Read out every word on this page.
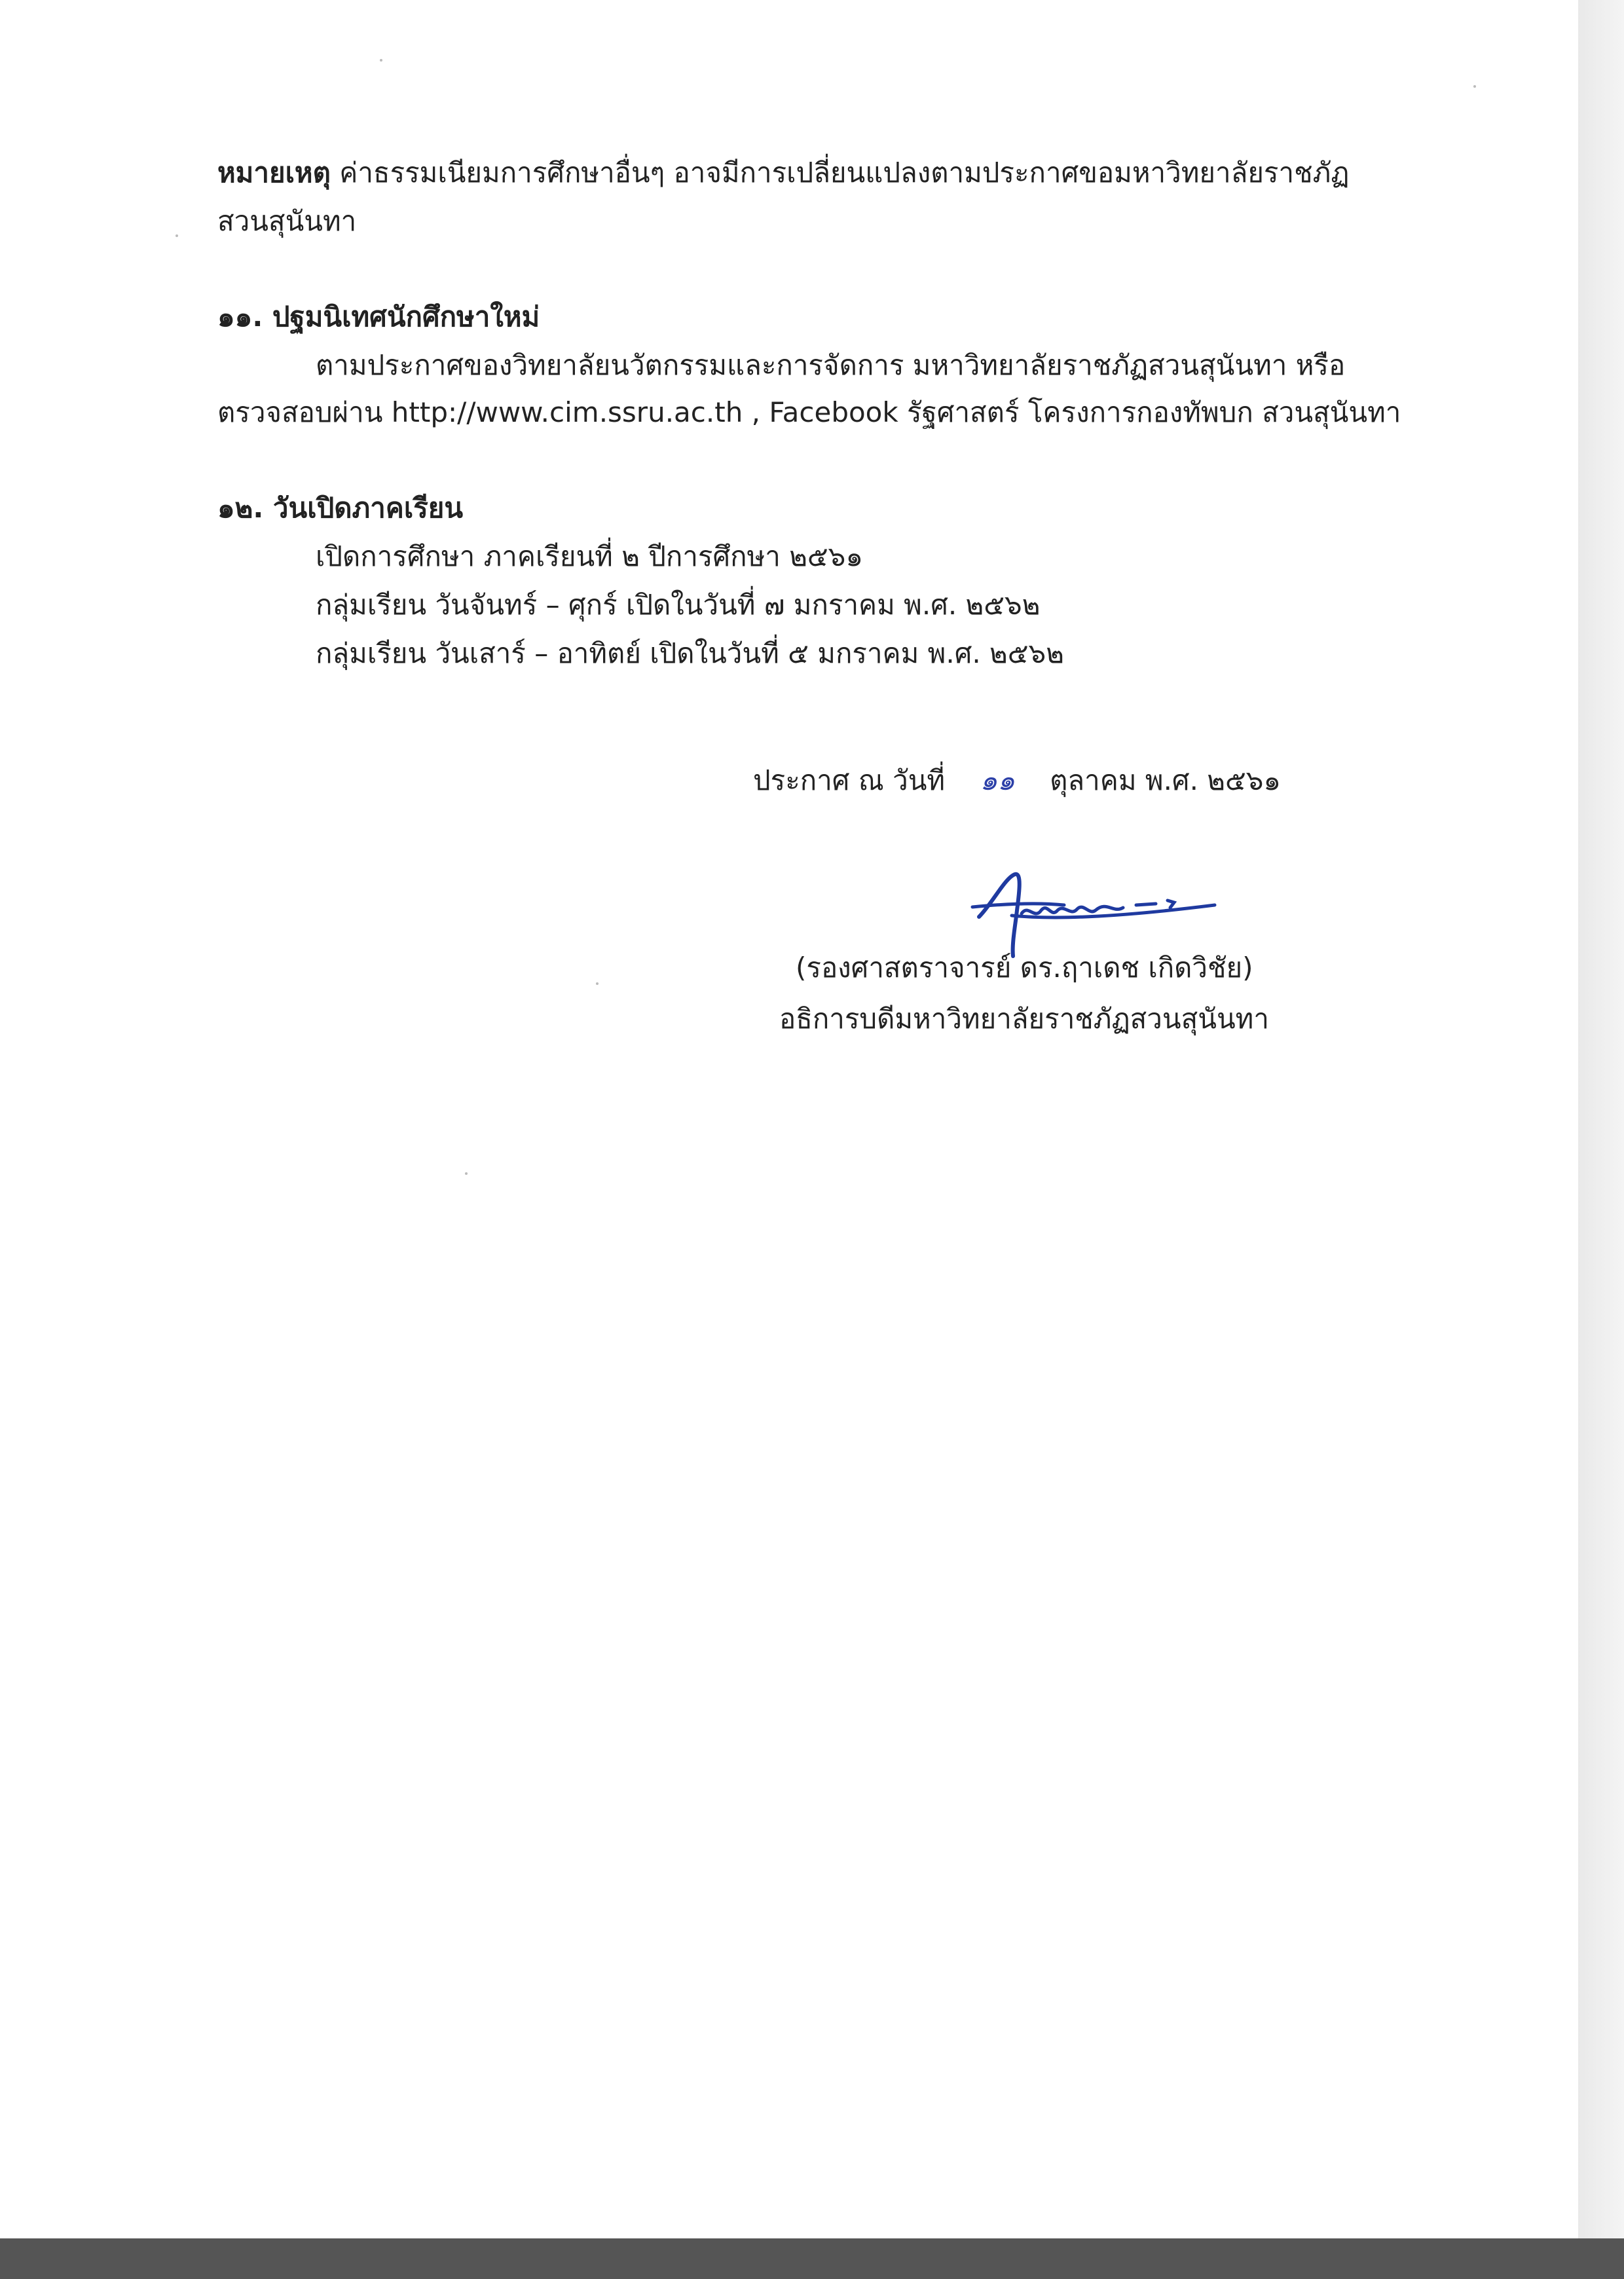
หมายเหตุ ค่าธรรมเนียมการศึกษาอื่นๆ อาจมีการเปลี่ยนแปลงตามประกาศขอมหาวิทยาลัยราชภัฏ
สวนสุนันทา
๑๑. ปฐมนิเทศนักศึกษาใหม่
ตามประกาศของวิทยาลัยนวัตกรรมและการจัดการ มหาวิทยาลัยราชภัฏสวนสุนันทา หรือ
ตรวจสอบผ่าน http://www.cim.ssru.ac.th , Facebook รัฐศาสตร์ โครงการกองทัพบก สวนสุนันทา
๑๒. วันเปิดภาคเรียน
เปิดการศึกษา ภาคเรียนที่ ๒ ปีการศึกษา ๒๕๖๑
กลุ่มเรียน วันจันทร์ – ศุกร์ เปิดในวันที่ ๗ มกราคม พ.ศ. ๒๕๖๒
กลุ่มเรียน วันเสาร์ – อาทิตย์ เปิดในวันที่ ๕ มกราคม พ.ศ. ๒๕๖๒
ประกาศ ณ วันที่ ๑๑ ตุลาคม พ.ศ. ๒๕๖๑
(รองศาสตราจารย์ ดร.ฤาเดช เกิดวิชัย)
อธิการบดีมหาวิทยาลัยราชภัฏสวนสุนันทา
